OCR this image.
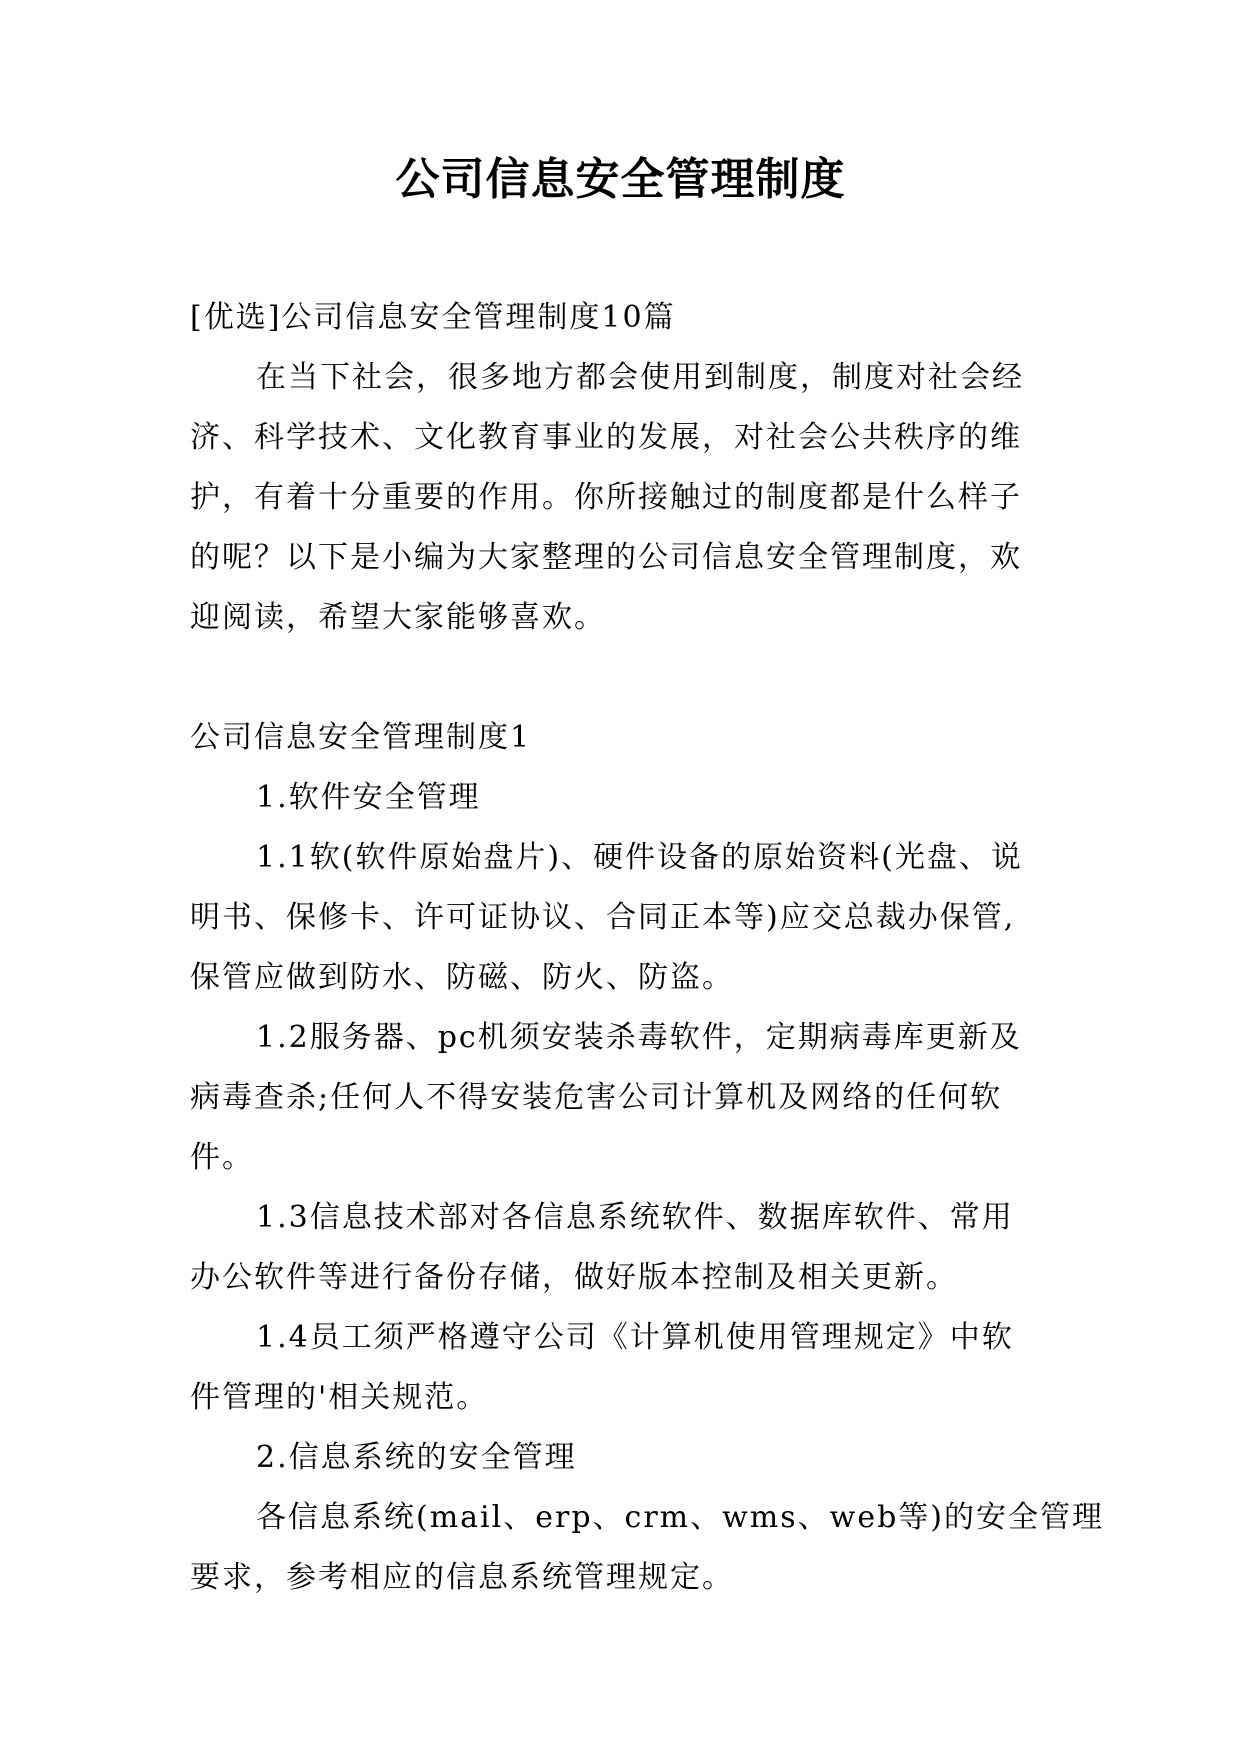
公司信息安全管理制度
[优选]公司信息安全管理制度10篇
在当下社会，很多地方都会使用到制度，制度对社会经
济、科学技术、文化教育事业的发展，对社会公共秩序的维
护，有着十分重要的作用。你所接触过的制度都是什么样子
的呢？以下是小编为大家整理的公司信息安全管理制度，欢
迎阅读，希望大家能够喜欢。
公司信息安全管理制度1
1.软件安全管理
1.1软(软件原始盘片)、硬件设备的原始资料(光盘、说
明书、保修卡、许可证协议、合同正本等)应交总裁办保管,
保管应做到防水、防磁、防火、防盗。
1.2服务器、pc机须安装杀毒软件，定期病毒库更新及
病毒查杀;任何人不得安装危害公司计算机及网络的任何软
件。
1.3信息技术部对各信息系统软件、数据库软件、常用
办公软件等进行备份存储，做好版本控制及相关更新。
1.4员工须严格遵守公司《计算机使用管理规定》中软
件管理的'相关规范。
2.信息系统的安全管理
各信息系统(mail、erp、crm、wms、web等)的安全管理
要求，参考相应的信息系统管理规定。
